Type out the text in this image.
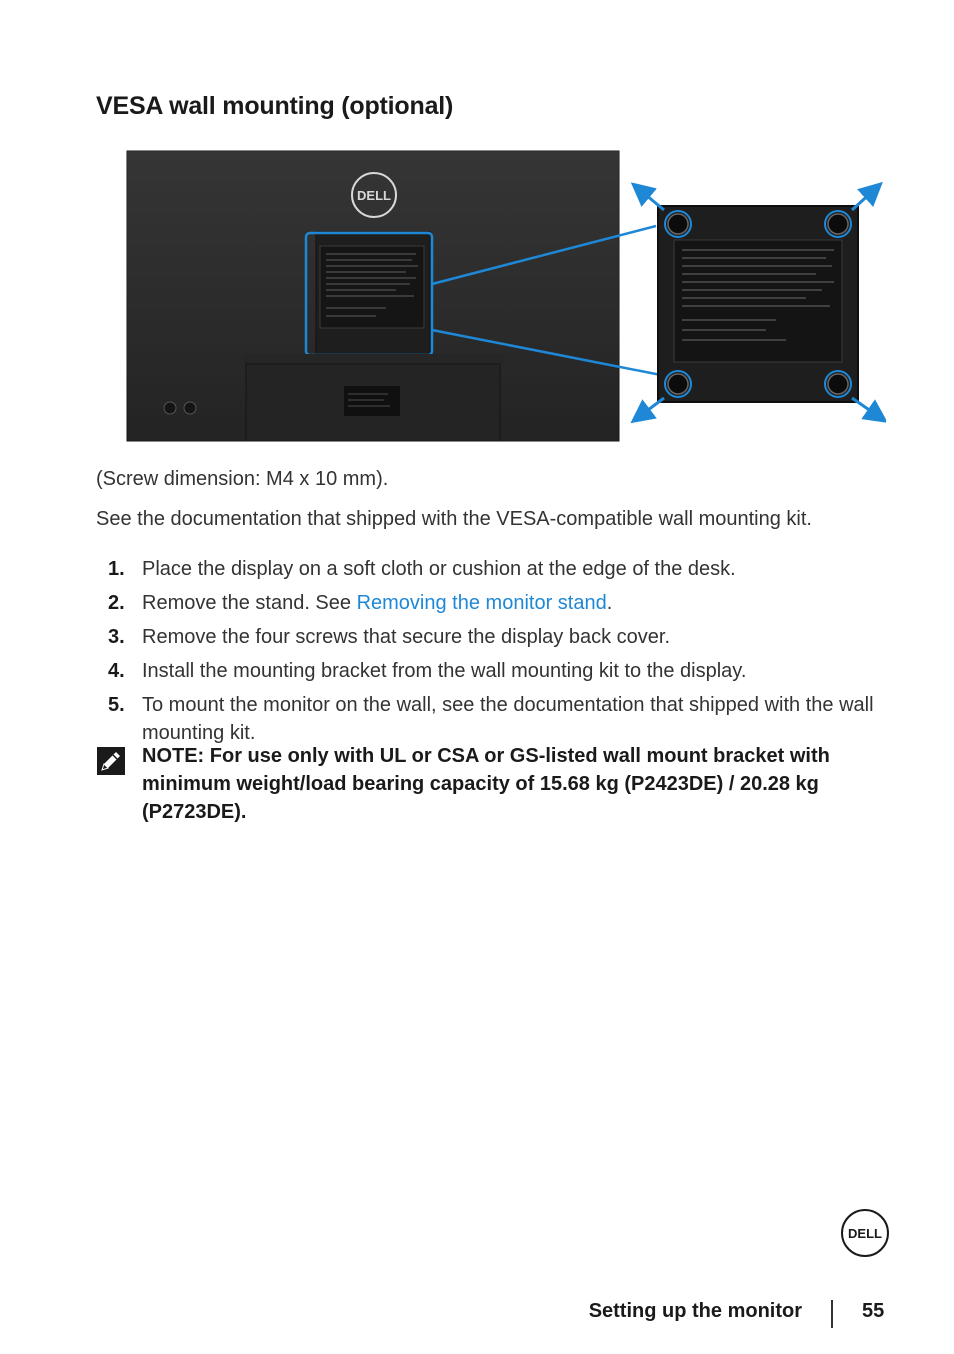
VESA wall mounting (optional)
DELL

(Screw dimension: M4 x 10 mm).

See the documentation that shipped with the VESA-compatible wall mounting kit.

1. Place the display on a soft cloth or cushion at the edge of the desk.
2. Remove the stand. See Removing the monitor stand.
3. Remove the four screws that secure the display back cover.
4. Install the mounting bracket from the wall mounting kit to the display.
5. To mount the monitor on the wall, see the documentation that shipped with the wall mounting kit.
NOTE: For use only with UL or CSA or GS-listed wall mount bracket with minimum weight/load bearing capacity of 15.68 kg (P2423DE) / 20.28 kg (P2723DE).
DELL
Setting up the monitor	55
